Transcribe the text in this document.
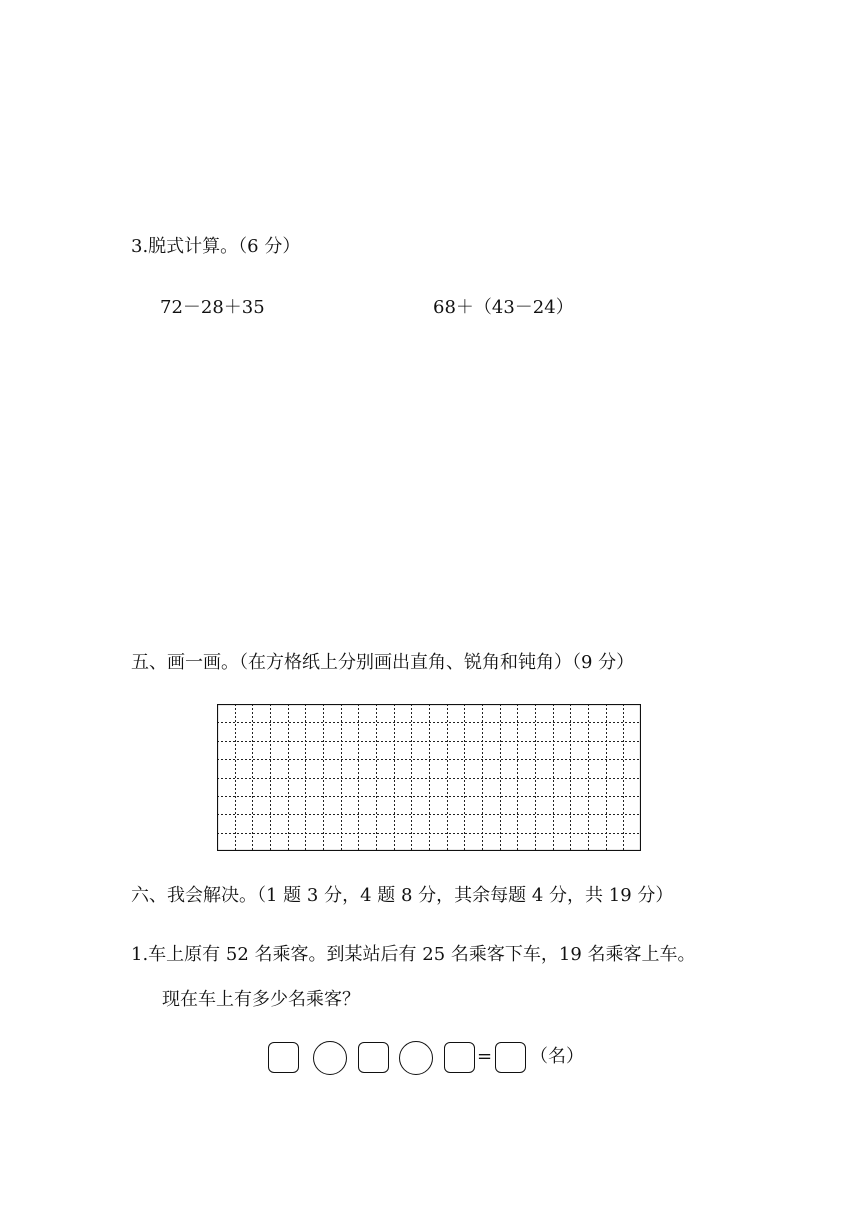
3.脱式计算。（6 分）
72－28＋35	68＋（43－24）
五、画一画。（在方格纸上分别画出直角、锐角和钝角）（9 分）
六、我会解决。（1 题 3 分，4 题 8 分，其余每题 4 分，共 19 分）
1.车上原有 52 名乘客。到某站后有 25 名乘客下车，19 名乘客上车。
现在车上有多少名乘客？
= （名）
